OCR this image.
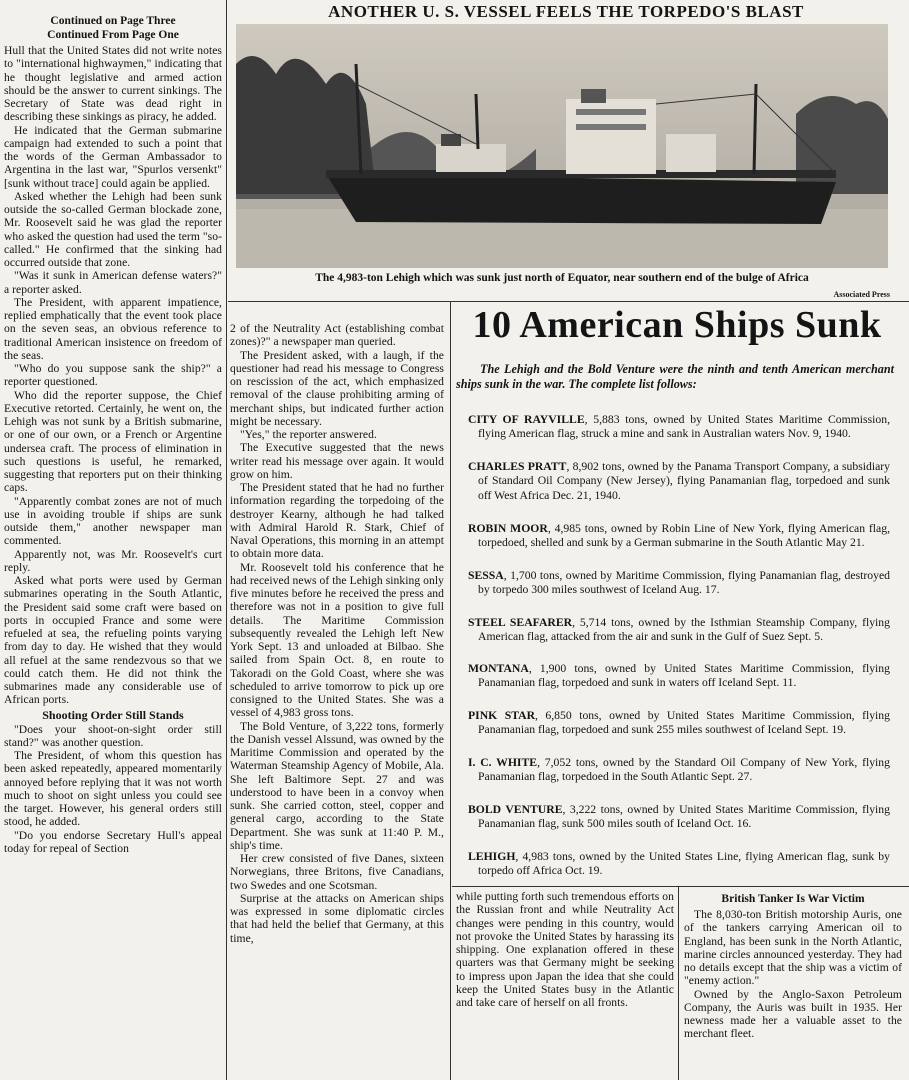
Continued on Page Three

Continued From Page One

Hull that the United States did not write notes to "international highwaymen," indicating that he thought legislative and armed action should be the answer to current sinkings. The Secretary of State was dead right in describing these sinkings as piracy, he added.

He indicated that the German submarine campaign had extended to such a point that the words of the German Ambassador to Argentina in the last war, "Spurlos versenkt" [sunk without trace] could again be applied.

Asked whether the Lehigh had been sunk outside the so-called German blockade zone, Mr. Roosevelt said he was glad the reporter who asked the question had used the term "so-called." He confirmed that the sinking had occurred outside that zone.

"Was it sunk in American defense waters?" a reporter asked.

The President, with apparent impatience, replied emphatically that the event took place on the seven seas, an obvious reference to traditional American insistence on freedom of the seas.

"Who do you suppose sank the ship?" a reporter questioned.

Who did the reporter suppose, the Chief Executive retorted. Certainly, he went on, the Lehigh was not sunk by a British submarine, or one of our own, or a French or Argentine undersea craft. The process of elimination in such questions is useful, he remarked, suggesting that reporters put on their thinking caps.

"Apparently combat zones are not of much use in avoiding trouble if ships are sunk outside them," another newspaper man commented.

Apparently not, was Mr. Roosevelt's curt reply.

Asked what ports were used by German submarines operating in the South Atlantic, the President said some craft were based on ports in occupied France and some were refueled at sea, the refueling points varying from day to day. He wished that they would all refuel at the same rendezvous so that we could catch them. He did not think the submarines made any considerable use of African ports.

Shooting Order Still Stands

"Does your shoot-on-sight order still stand?" was another question.

The President, of whom this question has been asked repeatedly, appeared momentarily annoyed before replying that it was not worth much to shoot on sight unless you could see the target. However, his general orders still stood, he added.

"Do you endorse Secretary Hull's appeal today for repeal of Section

ANOTHER U. S. VESSEL FEELS THE TORPEDO'S BLAST
The 4,983-ton Lehigh which was sunk just north of Equator, near southern end of the bulge of Africa
Associated Press

2 of the Neutrality Act (establishing combat zones)?" a newspaper man queried.

The President asked, with a laugh, if the questioner had read his message to Congress on rescission of the act, which emphasized removal of the clause prohibiting arming of merchant ships, but indicated further action might be necessary.

"Yes," the reporter answered.

The Executive suggested that the news writer read his message over again. It would grow on him.

The President stated that he had no further information regarding the torpedoing of the destroyer Kearny, although he had talked with Admiral Harold R. Stark, Chief of Naval Operations, this morning in an attempt to obtain more data.

Mr. Roosevelt told his conference that he had received news of the Lehigh sinking only five minutes before he received the press and therefore was not in a position to give full details. The Maritime Commission subsequently revealed the Lehigh left New York Sept. 13 and unloaded at Bilbao. She sailed from Spain Oct. 8, en route to Takoradi on the Gold Coast, where she was scheduled to arrive tomorrow to pick up ore consigned to the United States. She was a vessel of 4,983 gross tons.

The Bold Venture, of 3,222 tons, formerly the Danish vessel Alssund, was owned by the Maritime Commission and operated by the Waterman Steamship Agency of Mobile, Ala. She left Baltimore Sept. 27 and was understood to have been in a convoy when sunk. She carried cotton, steel, copper and general cargo, according to the State Department. She was sunk at 11:40 P. M., ship's time.

Her crew consisted of five Danes, sixteen Norwegians, three Britons, five Canadians, two Swedes and one Scotsman.

Surprise at the attacks on American ships was expressed in some diplomatic circles that had held the belief that Germany, at this time,

10 American Ships Sunk

The Lehigh and the Bold Venture were the ninth and tenth American merchant ships sunk in the war. The complete list follows:

CITY OF RAYVILLE, 5,883 tons, owned by United States Maritime Commission, flying American flag, struck a mine and sank in Australian waters Nov. 9, 1940.

CHARLES PRATT, 8,902 tons, owned by the Panama Transport Company, a subsidiary of Standard Oil Company (New Jersey), flying Panamanian flag, torpedoed and sunk off West Africa Dec. 21, 1940.

ROBIN MOOR, 4,985 tons, owned by Robin Line of New York, flying American flag, torpedoed, shelled and sunk by a German submarine in the South Atlantic May 21.

SESSA, 1,700 tons, owned by Maritime Commission, flying Panamanian flag, destroyed by torpedo 300 miles southwest of Iceland Aug. 17.

STEEL SEAFARER, 5,714 tons, owned by the Isthmian Steamship Company, flying American flag, attacked from the air and sunk in the Gulf of Suez Sept. 5.

MONTANA, 1,900 tons, owned by United States Maritime Commission, flying Panamanian flag, torpedoed and sunk in waters off Iceland Sept. 11.

PINK STAR, 6,850 tons, owned by United States Maritime Commission, flying Panamanian flag, torpedoed and sunk 255 miles southwest of Iceland Sept. 19.

I. C. WHITE, 7,052 tons, owned by the Standard Oil Company of New York, flying Panamanian flag, torpedoed in the South Atlantic Sept. 27.

BOLD VENTURE, 3,222 tons, owned by United States Maritime Commission, flying Panamanian flag, sunk 500 miles south of Iceland Oct. 16.

LEHIGH, 4,983 tons, owned by the United States Line, flying American flag, sunk by torpedo off Africa Oct. 19.

while putting forth such tremendous efforts on the Russian front and while Neutrality Act changes were pending in this country, would not provoke the United States by harassing its shipping. One explanation offered in these quarters was that Germany might be seeking to impress upon Japan the idea that she could keep the United States busy in the Atlantic and take care of herself on all fronts.

British Tanker Is War Victim

The 8,030-ton British motorship Auris, one of the tankers carrying American oil to England, has been sunk in the North Atlantic, marine circles announced yesterday. They had no details except that the ship was a victim of "enemy action."

Owned by the Anglo-Saxon Petroleum Company, the Auris was built in 1935. Her newness made her a valuable asset to the merchant fleet.
